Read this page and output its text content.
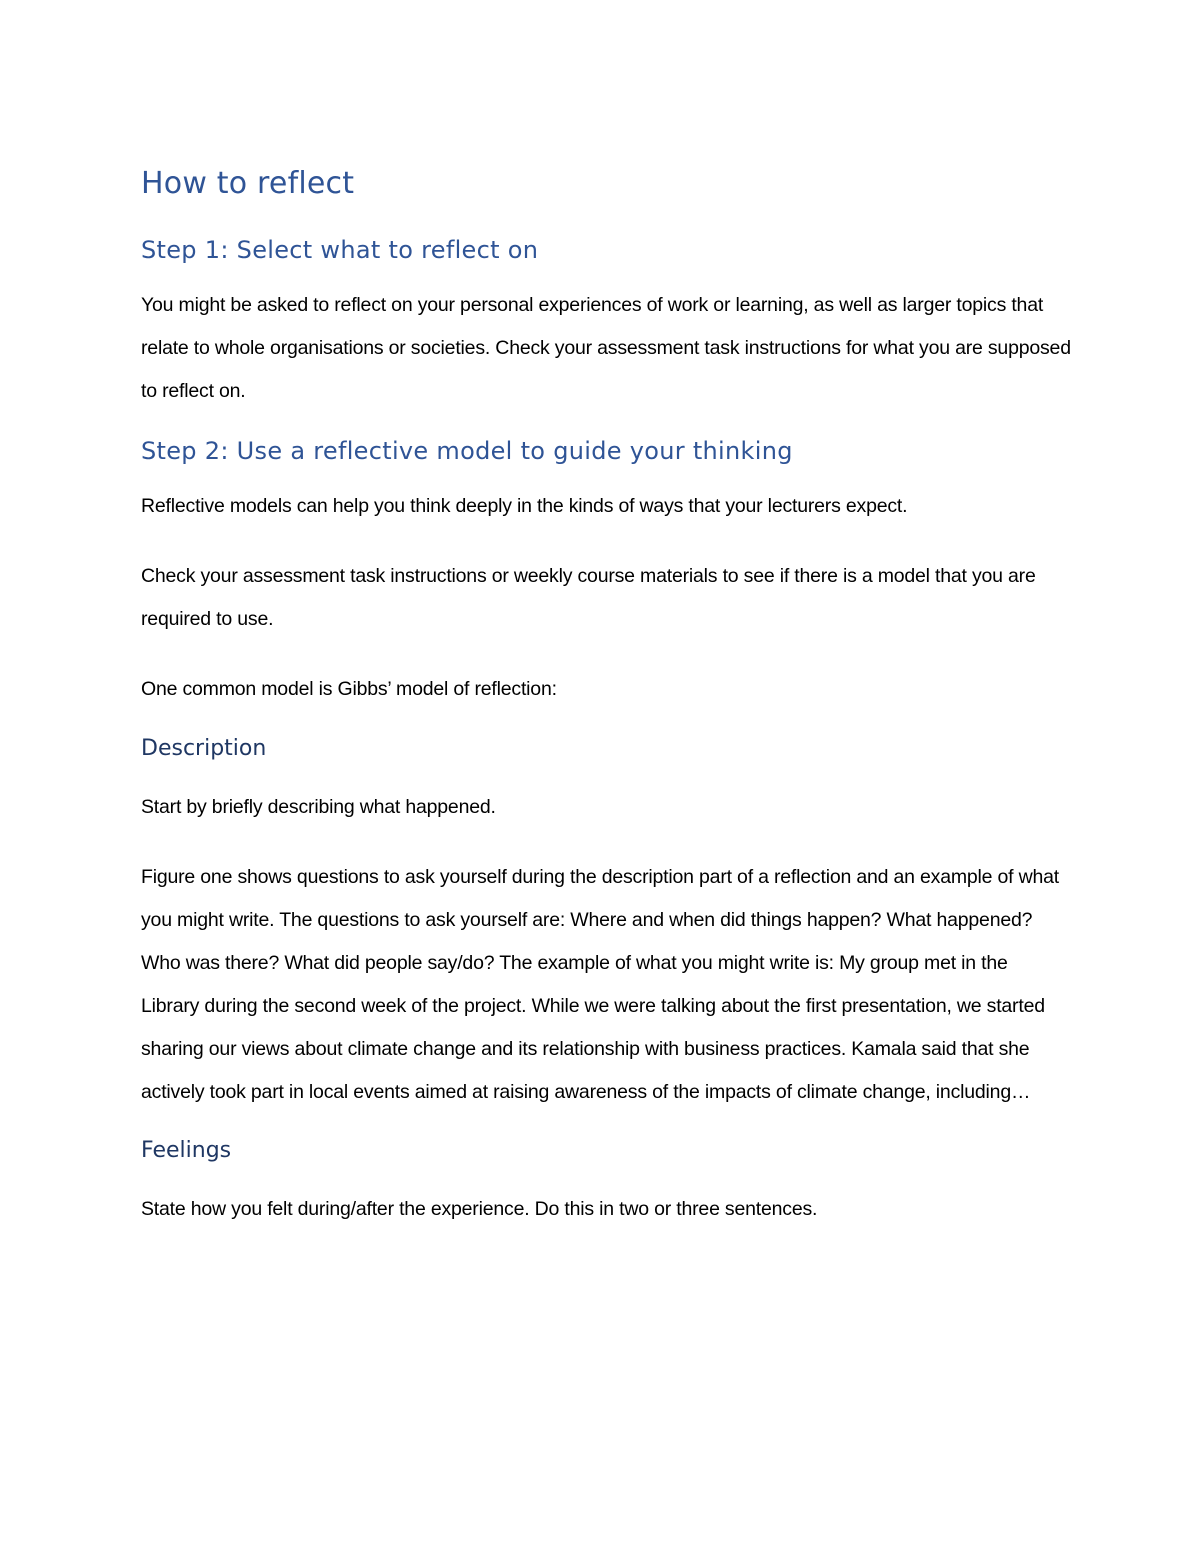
How to reflect
Step 1: Select what to reflect on

You might be asked to reflect on your personal experiences of work or learning, as well as larger topics that relate to whole organisations or societies. Check your assessment task instructions for what you are supposed to reflect on.

Step 2: Use a reflective model to guide your thinking

Reflective models can help you think deeply in the kinds of ways that your lecturers expect.

Check your assessment task instructions or weekly course materials to see if there is a model that you are required to use.

One common model is Gibbs’ model of reflection:

Description

Start by briefly describing what happened.

Figure one shows questions to ask yourself during the description part of a reflection and an example of what you might write. The questions to ask yourself are: Where and when did things happen? What happened? Who was there? What did people say/do? The example of what you might write is: My group met in the Library during the second week of the project. While we were talking about the first presentation, we started sharing our views about climate change and its relationship with business practices. Kamala said that she actively took part in local events aimed at raising awareness of the impacts of climate change, including…

Feelings

State how you felt during/after the experience. Do this in two or three sentences.
